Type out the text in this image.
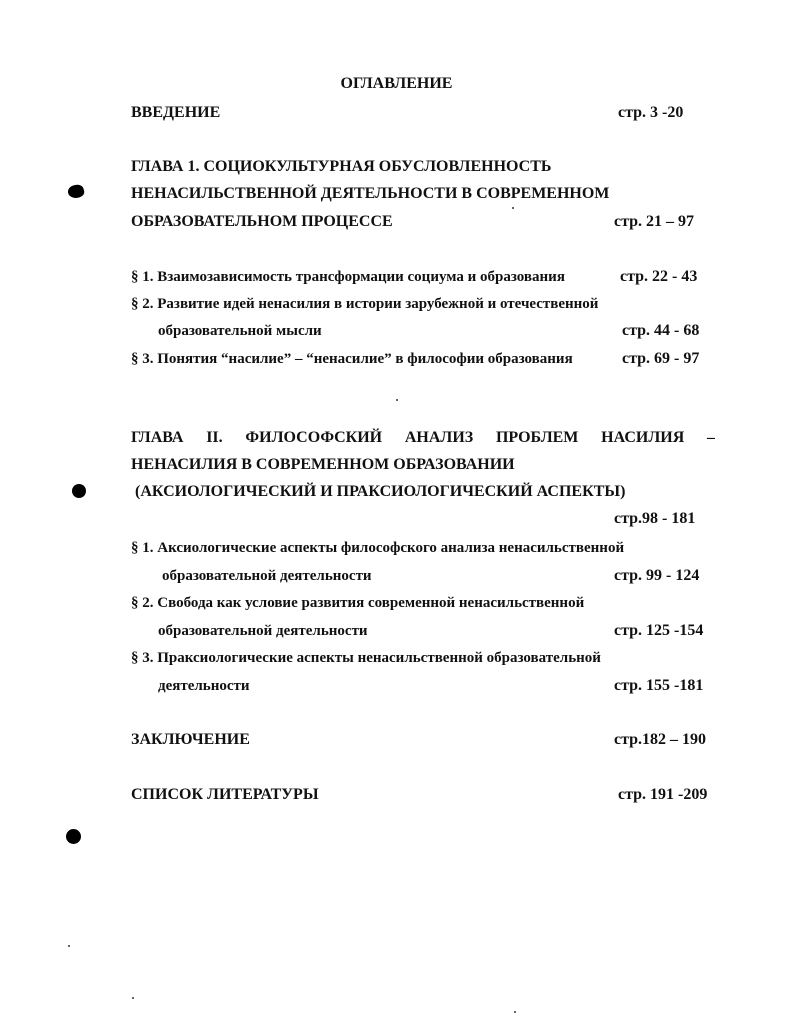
ОГЛАВЛЕНИЕ
ВВЕДЕНИЕ	стр. 3 -20
ГЛАВА 1. СОЦИОКУЛЬТУРНАЯ ОБУСЛОВЛЕННОСТЬ
НЕНАСИЛЬСТВЕННОЙ ДЕЯТЕЛЬНОСТИ В СОВРЕМЕННОМ
ОБРАЗОВАТЕЛЬНОМ ПРОЦЕССЕ	стр. 21 – 97
§ 1. Взаимозависимость трансформации социума и образования	стр. 22 - 43
§ 2. Развитие идей ненасилия в истории зарубежной и отечественной
образовательной мысли	стр. 44 - 68
§ 3. Понятия “насилие” – “ненасилие” в философии образования	стр. 69 - 97
ГЛАВА II. ФИЛОСОФСКИЙ АНАЛИЗ ПРОБЛЕМ НАСИЛИЯ –
НЕНАСИЛИЯ В СОВРЕМЕННОМ ОБРАЗОВАНИИ
(АКСИОЛОГИЧЕСКИЙ И ПРАКСИОЛОГИЧЕСКИЙ АСПЕКТЫ)
стр.98 - 181
§ 1. Аксиологические аспекты философского анализа ненасильственной
образовательной деятельности	стр. 99 - 124
§ 2. Свобода как условие развития современной ненасильственной
образовательной деятельности	стр. 125 -154
§ 3. Праксиологические аспекты ненасильственной образовательной
деятельности	стр. 155 -181
ЗАКЛЮЧЕНИЕ	стр.182 – 190
СПИСОК ЛИТЕРАТУРЫ	стр. 191 -209
